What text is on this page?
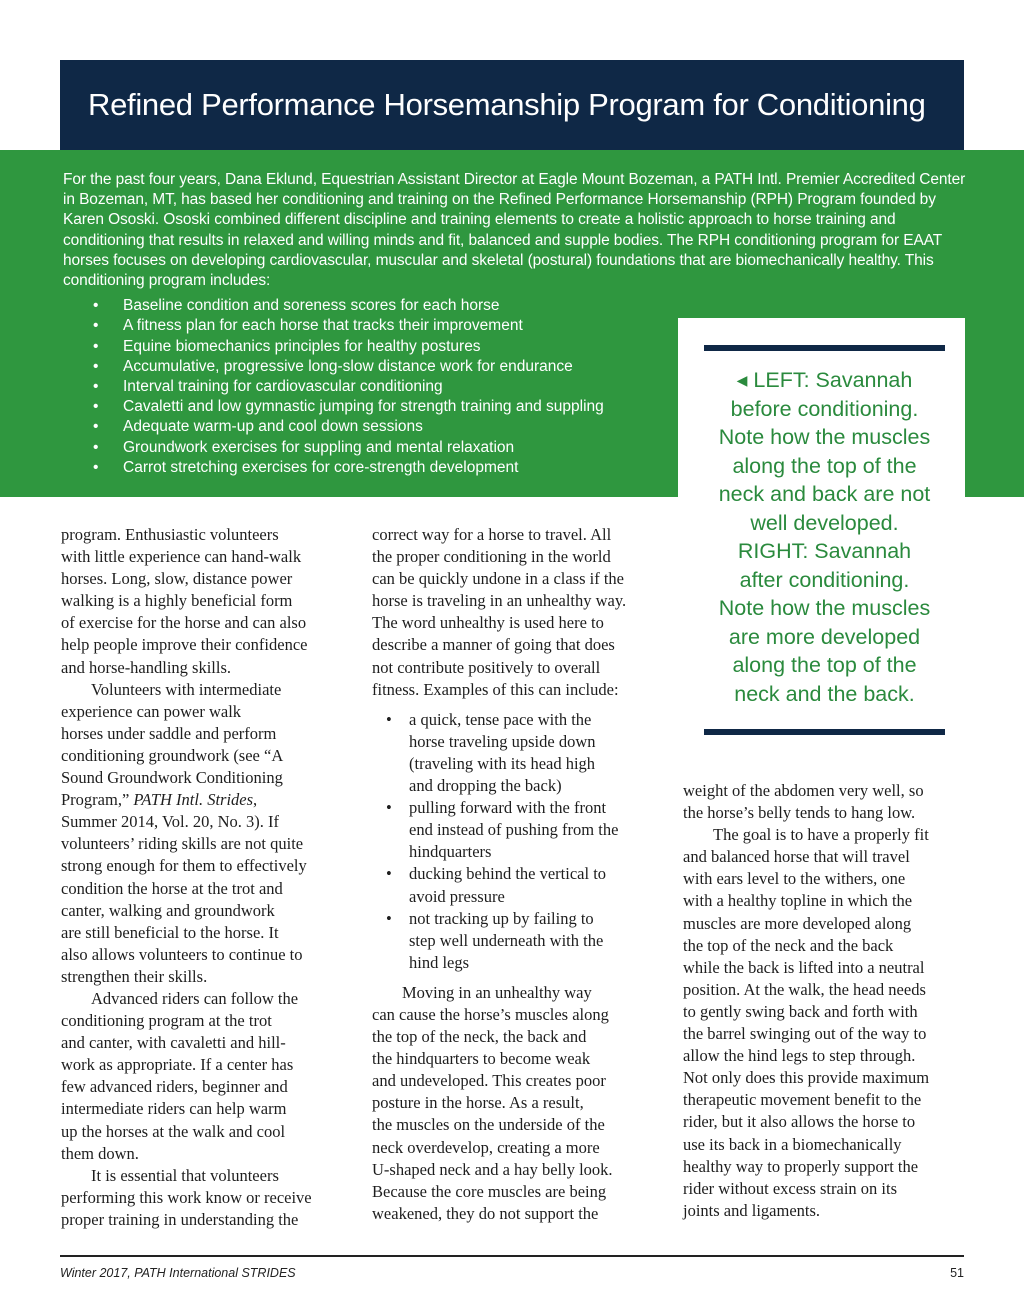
Refined Performance Horsemanship Program for Conditioning

For the past four years, Dana Eklund, Equestrian Assistant Director at Eagle Mount Bozeman, a PATH Intl. Premier Accredited Center in Bozeman, MT, has based her conditioning and training on the Refined Performance Horsemanship (RPH) Program founded by Karen Ososki. Ososki combined different discipline and training elements to create a holistic approach to horse training and conditioning that results in relaxed and willing minds and fit, balanced and supple bodies. The RPH conditioning program for EAAT horses focuses on developing cardiovascular, muscular and skeletal (postural) foundations that are biomechanically healthy. This conditioning program includes:

• Baseline condition and soreness scores for each horse
• A fitness plan for each horse that tracks their improvement
• Equine biomechanics principles for healthy postures
• Accumulative, progressive long-slow distance work for endurance
• Interval training for cardiovascular conditioning
• Cavaletti and low gymnastic jumping for strength training and suppling
• Adequate warm-up and cool down sessions
• Groundwork exercises for suppling and mental relaxation
• Carrot stretching exercises for core-strength development
◂ LEFT: Savannah
before conditioning.
Note how the muscles
along the top of the
neck and back are not
well developed.
RIGHT: Savannah
after conditioning.
Note how the muscles
are more developed
along the top of the
neck and the back.
program. Enthusiastic volunteers
with little experience can hand-walk
horses. Long, slow, distance power
walking is a highly beneficial form
of exercise for the horse and can also
help people improve their confidence
and horse-handling skills.
Volunteers with intermediate
experience can power walk
horses under saddle and perform
conditioning groundwork (see “A
Sound Groundwork Conditioning
Program,” PATH Intl. Strides,
Summer 2014, Vol. 20, No. 3). If
volunteers’ riding skills are not quite
strong enough for them to effectively
condition the horse at the trot and
canter, walking and groundwork
are still beneficial to the horse. It
also allows volunteers to continue to
strengthen their skills.
Advanced riders can follow the
conditioning program at the trot
and canter, with cavaletti and hill-
work as appropriate. If a center has
few advanced riders, beginner and
intermediate riders can help warm
up the horses at the walk and cool
them down.
It is essential that volunteers
performing this work know or receive
proper training in understanding the
correct way for a horse to travel. All
the proper conditioning in the world
can be quickly undone in a class if the
horse is traveling in an unhealthy way.
The word unhealthy is used here to
describe a manner of going that does
not contribute positively to overall
fitness. Examples of this can include:
• a quick, tense pace with the
horse traveling upside down
(traveling with its head high
and dropping the back)
• pulling forward with the front
end instead of pushing from the
hindquarters
• ducking behind the vertical to
avoid pressure
• not tracking up by failing to
step well underneath with the
hind legs
Moving in an unhealthy way
can cause the horse’s muscles along
the top of the neck, the back and
the hindquarters to become weak
and undeveloped. This creates poor
posture in the horse. As a result,
the muscles on the underside of the
neck overdevelop, creating a more
U-shaped neck and a hay belly look.
Because the core muscles are being
weakened, they do not support the
weight of the abdomen very well, so
the horse’s belly tends to hang low.
The goal is to have a properly fit
and balanced horse that will travel
with ears level to the withers, one
with a healthy topline in which the
muscles are more developed along
the top of the neck and the back
while the back is lifted into a neutral
position. At the walk, the head needs
to gently swing back and forth with
the barrel swinging out of the way to
allow the hind legs to step through.
Not only does this provide maximum
therapeutic movement benefit to the
rider, but it also allows the horse to
use its back in a biomechanically
healthy way to properly support the
rider without excess strain on its
joints and ligaments.
Winter 2017, PATH International STRIDES	51
